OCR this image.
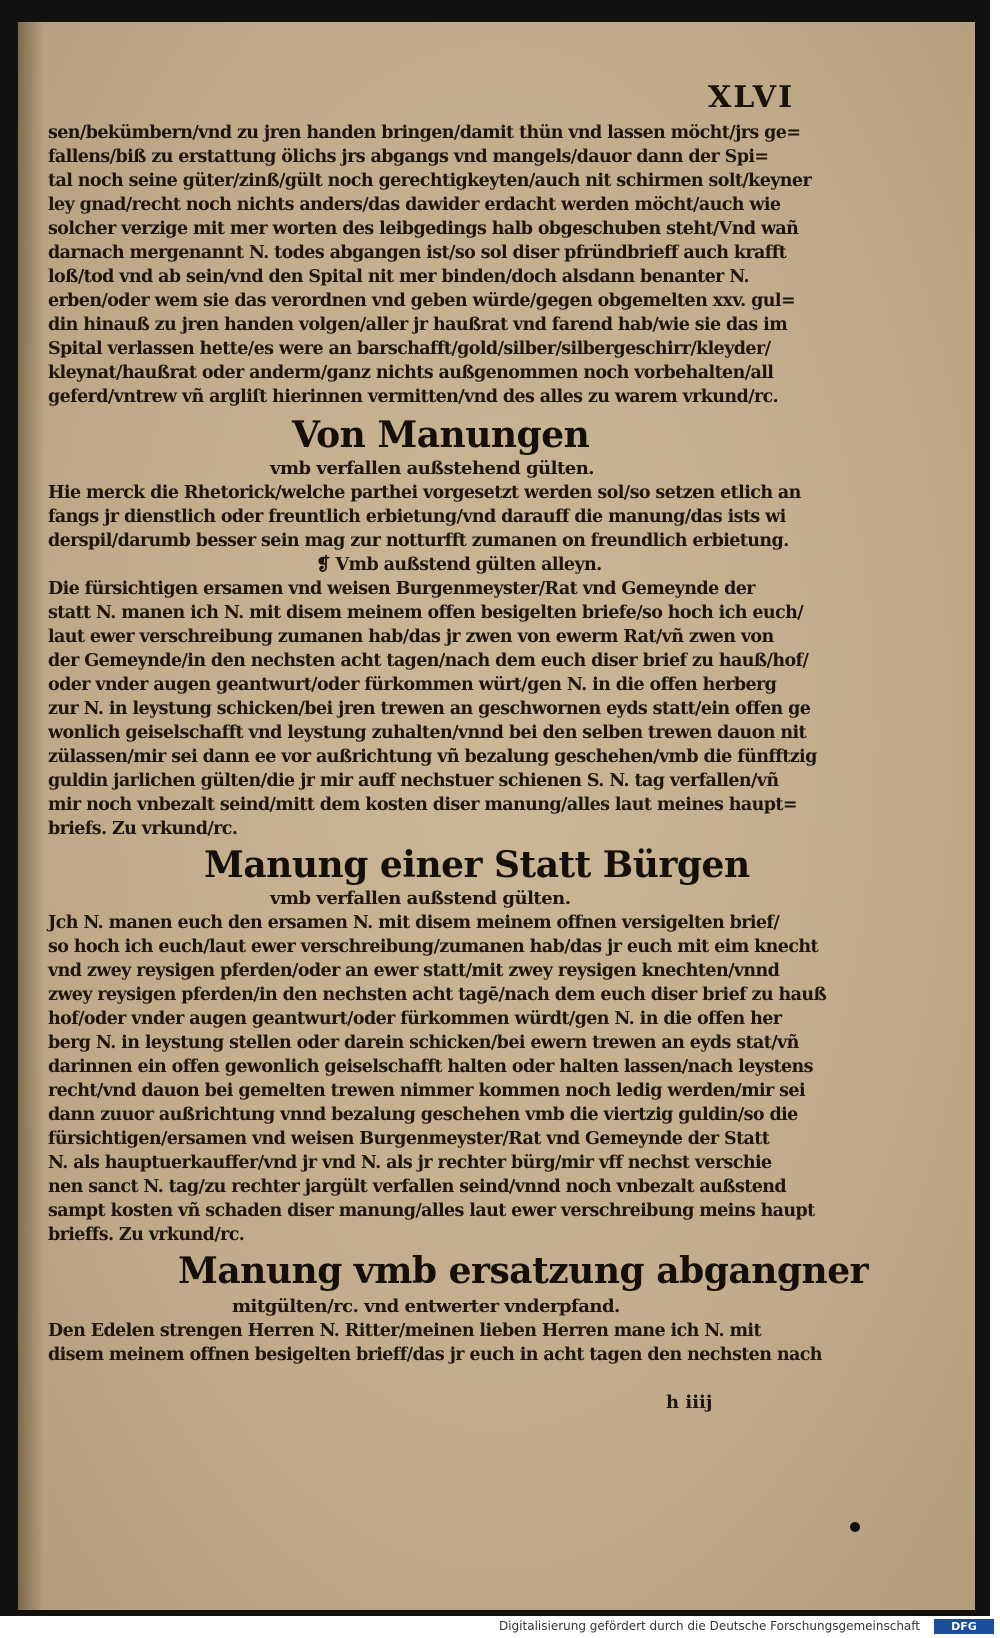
XLVI
sen/bekümbern/vnd zu jren handen bringen/damit thün vnd lassen möcht/jrs ge=
fallens/biß zu erstattung ölichs jrs abgangs vnd mangels/dauor dann der Spi=
tal noch seine güter/zinß/gült noch gerechtigkeyten/auch nit schirmen solt/keyner
ley gnad/recht noch nichts anders/das dawider erdacht werden möcht/auch wie
solcher verzige mit mer worten des leibgedings halb obgeschuben steht/Vnd wañ
darnach mergenannt N. todes abgangen ist/so sol diser pfründbrieff auch krafft
loß/tod vnd ab sein/vnd den Spital nit mer binden/doch alsdann benanter N.
erben/oder wem sie das verordnen vnd geben würde/gegen obgemelten xxv. gul=
din hinauß zu jren handen volgen/aller jr haußrat vnd farend hab/wie sie das im
Spital verlassen hette/es were an barschafft/gold/silber/silbergeschirr/kleyder/
kleynat/haußrat oder anderm/ganz nichts außgenommen noch vorbehalten/all
geferd/vntrew vñ argliſt hierinnen vermitten/vnd des alles zu warem vrkund/rc.
Von Manungen
vmb verfallen außstehend gülten.
Hie merck die Rhetorick/welche parthei vorgesetzt werden sol/so setzen etlich an
fangs jr dienstlich oder freuntlich erbietung/vnd darauff die manung/das ists wi
derspil/darumb besser sein mag zur notturfft zumanen on freundlich erbietung.
❡ Vmb außstend gülten alleyn.
Die fürsichtigen ersamen vnd weisen Burgenmeyster/Rat vnd Gemeynde der
statt N. manen ich N. mit disem meinem offen besigelten briefe/so hoch ich euch/
laut ewer verschreibung zumanen hab/das jr zwen von ewerm Rat/vñ zwen von
der Gemeynde/in den nechsten acht tagen/nach dem euch diser brief zu hauß/hof/
oder vnder augen geantwurt/oder fürkommen würt/gen N. in die offen herberg
zur N. in leystung schicken/bei jren trewen an geschwornen eyds statt/ein offen ge
wonlich geiselschafft vnd leystung zuhalten/vnnd bei den selben trewen dauon nit
zülassen/mir sei dann ee vor außrichtung vñ bezalung geschehen/vmb die fünfftzig
guldin jarlichen gülten/die jr mir auff nechstuer schienen S. N. tag verfallen/vñ
mir noch vnbezalt seind/mitt dem kosten diser manung/alles laut meines haupt=
briefs. Zu vrkund/rc.
Manung einer Statt Bürgen
vmb verfallen außstend gülten.
Jch N. manen euch den ersamen N. mit disem meinem offnen versigelten brief/
so hoch ich euch/laut ewer verschreibung/zumanen hab/das jr euch mit eim knecht
vnd zwey reysigen pferden/oder an ewer statt/mit zwey reysigen knechten/vnnd
zwey reysigen pferden/in den nechsten acht tagē/nach dem euch diser brief zu hauß
hof/oder vnder augen geantwurt/oder fürkommen würdt/gen N. in die offen her
berg N. in leystung stellen oder darein schicken/bei ewern trewen an eyds stat/vñ
darinnen ein offen gewonlich geiselschafft halten oder halten lassen/nach leystens
recht/vnd dauon bei gemelten trewen nimmer kommen noch ledig werden/mir sei
dann zuuor außrichtung vnnd bezalung geschehen vmb die viertzig guldin/so die
fürsichtigen/ersamen vnd weisen Burgenmeyster/Rat vnd Gemeynde der Statt
N. als hauptuerkauffer/vnd jr vnd N. als jr rechter bürg/mir vff nechst verschie
nen sanct N. tag/zu rechter jargült verfallen seind/vnnd noch vnbezalt außstend
sampt kosten vñ schaden diser manung/alles laut ewer verschreibung meins haupt
brieffs. Zu vrkund/rc.
Manung vmb ersatzung abgangner
mitgülten/rc. vnd entwerter vnderpfand.
Den Edelen strengen Herren N. Ritter/meinen lieben Herren mane ich N. mit
disem meinem offnen besigelten brieff/das jr euch in acht tagen den nechsten nach
h iiij
Digitalisierung gefördert durch die Deutsche Forschungsgemeinschaft	DFG
